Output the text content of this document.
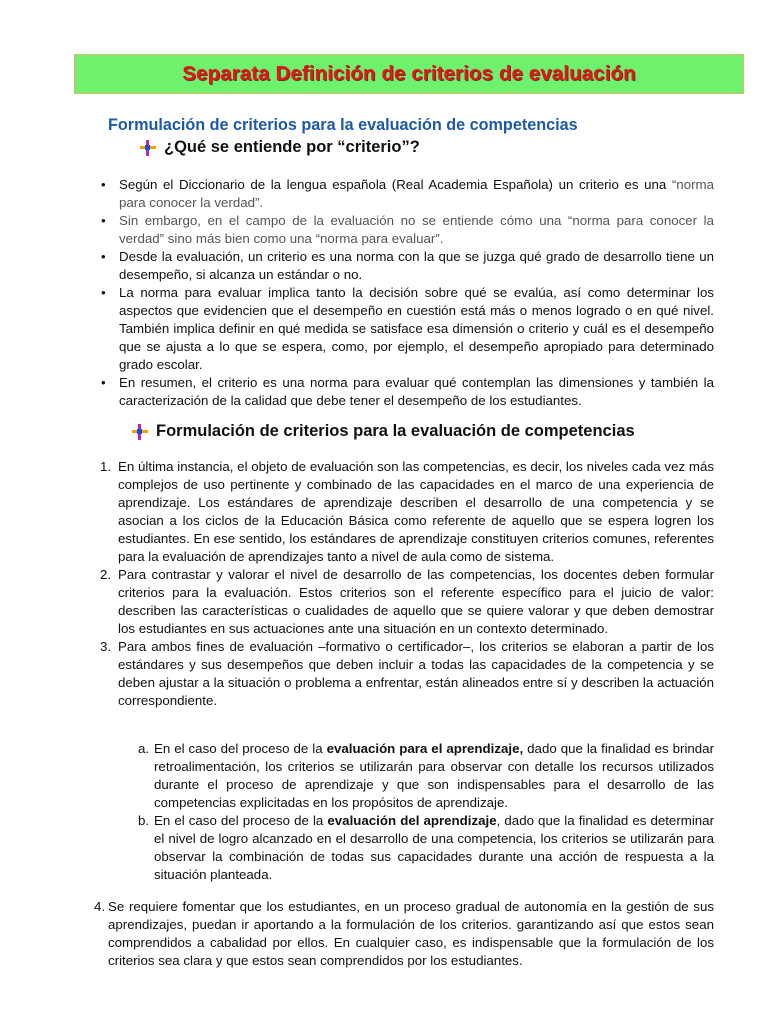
Separata Definición de criterios de evaluación
Formulación de criterios para la evaluación de competencias
¿Qué se entiende por “criterio”?
• Según el Diccionario de la lengua española (Real Academia Española) un criterio es una “norma para conocer la verdad”.
• Sin embargo, en el campo de la evaluación no se entiende cómo una “norma para conocer la verdad” sino más bien como una “norma para evaluar”.
• Desde la evaluación, un criterio es una norma con la que se juzga qué grado de desarrollo tiene un desempeño, si alcanza un estándar o no.
• La norma para evaluar implica tanto la decisión sobre qué se evalúa, así como determinar los aspectos que evidencien que el desempeño en cuestión está más o menos logrado o en qué nivel. También implica definir en qué medida se satisface esa dimensión o criterio y cuál es el desempeño que se ajusta a lo que se espera, como, por ejemplo, el desempeño apropiado para determinado grado escolar.
• En resumen, el criterio es una norma para evaluar qué contemplan las dimensiones y también la caracterización de la calidad que debe tener el desempeño de los estudiantes.
Formulación de criterios para la evaluación de competencias
1. En última instancia, el objeto de evaluación son las competencias, es decir, los niveles cada vez más complejos de uso pertinente y combinado de las capacidades en el marco de una experiencia de aprendizaje. Los estándares de aprendizaje describen el desarrollo de una competencia y se asocian a los ciclos de la Educación Básica como referente de aquello que se espera logren los estudiantes. En ese sentido, los estándares de aprendizaje constituyen criterios comunes, referentes para la evaluación de aprendizajes tanto a nivel de aula como de sistema.
2. Para contrastar y valorar el nivel de desarrollo de las competencias, los docentes deben formular criterios para la evaluación. Estos criterios son el referente específico para el juicio de valor: describen las características o cualidades de aquello que se quiere valorar y que deben demostrar los estudiantes en sus actuaciones ante una situación en un contexto determinado.
3. Para ambos fines de evaluación –formativo o certificador–, los criterios se elaboran a partir de los estándares y sus desempeños que deben incluir a todas las capacidades de la competencia y se deben ajustar a la situación o problema a enfrentar, están alineados entre sí y describen la actuación correspondiente.
a. En el caso del proceso de la evaluación para el aprendizaje, dado que la finalidad es brindar retroalimentación, los criterios se utilizarán para observar con detalle los recursos utilizados durante el proceso de aprendizaje y que son indispensables para el desarrollo de las competencias explicitadas en los propósitos de aprendizaje.
b. En el caso del proceso de la evaluación del aprendizaje, dado que la finalidad es determinar el nivel de logro alcanzado en el desarrollo de una competencia, los criterios se utilizarán para observar la combinación de todas sus capacidades durante una acción de respuesta a la situación planteada.
4. Se requiere fomentar que los estudiantes, en un proceso gradual de autonomía en la gestión de sus aprendizajes, puedan ir aportando a la formulación de los criterios. garantizando así que estos sean comprendidos a cabalidad por ellos. En cualquier caso, es indispensable que la formulación de los criterios sea clara y que estos sean comprendidos por los estudiantes.
